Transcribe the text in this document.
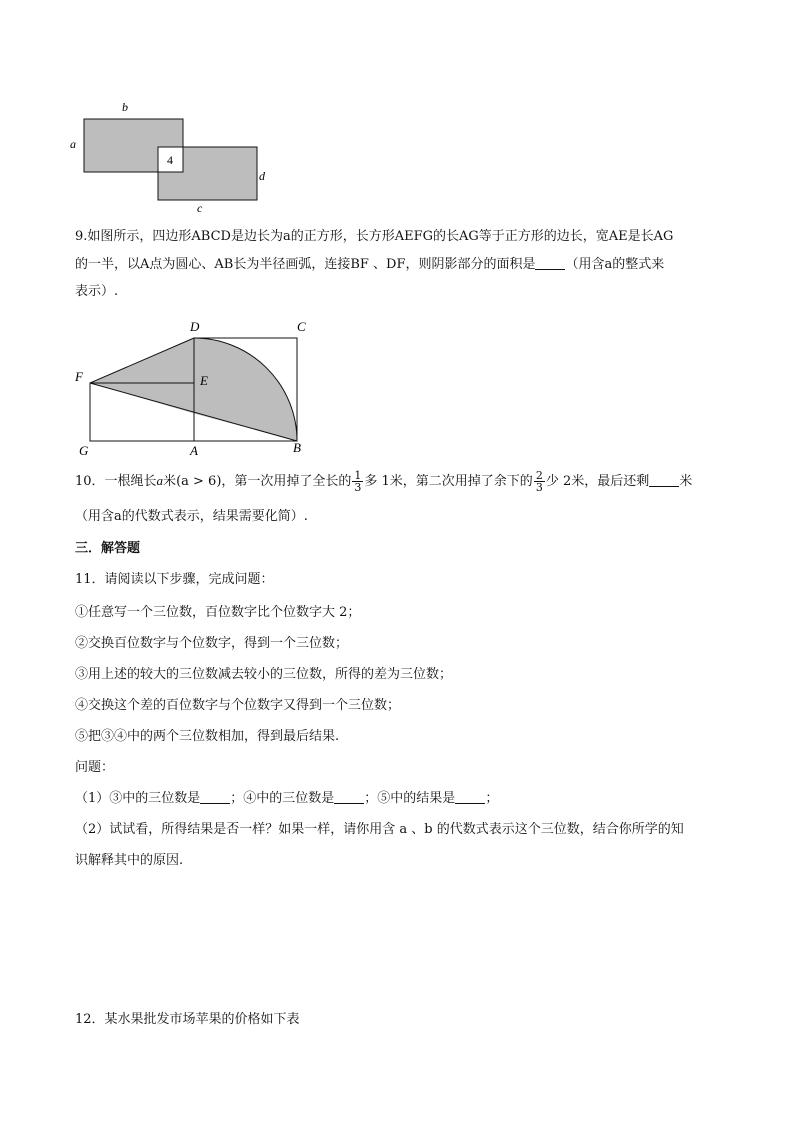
b
a
4
d
c
9.如图所示，四边形ABCD是边长为a的正方形，长方形AEFG的长AG等于正方形的边长，宽AE是长AG
的一半，以A点为圆心、AB长为半径画弧，连接BF 、DF，则阴影部分的面积是 （用含a的整式来
表示）.
D	C
F	E
G	A	B
10．一根绳长a米(a > 6)，第一次用掉了全长的 $\frac{1}{3}$ 多 1米，第二次用掉了余下的 $\frac{2}{3}$ 少 2米，最后还剩 米
（用含a的代数式表示，结果需要化简）.
三．解答题
11．请阅读以下步骤，完成问题：
①任意写一个三位数，百位数字比个位数字大 2；
②交换百位数字与个位数字，得到一个三位数；
③用上述的较大的三位数减去较小的三位数，所得的差为三位数；
④交换这个差的百位数字与个位数字又得到一个三位数；
⑤把③④中的两个三位数相加，得到最后结果.
问题：
（1）③中的三位数是 ；④中的三位数是 ；⑤中的结果是 ；
（2）试试看，所得结果是否一样？如果一样，请你用含 a 、b 的代数式表示这个三位数，结合你所学的知
识解释其中的原因.
12．某水果批发市场苹果的价格如下表
